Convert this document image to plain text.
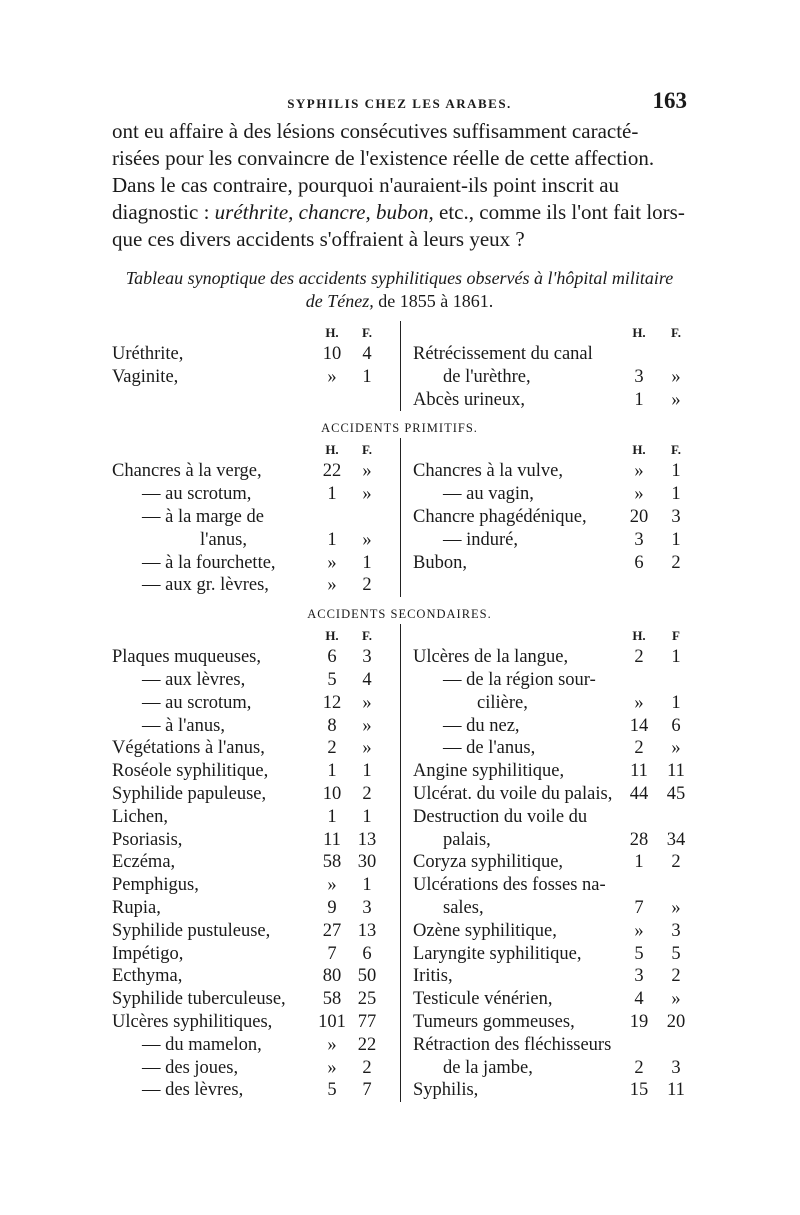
SYPHILIS CHEZ LES ARABES.	163

ont eu affaire à des lésions consécutives suffisamment caracté-

risées pour les convaincre de l'existence réelle de cette affection.

Dans le cas contraire, pourquoi n'auraient-ils point inscrit au

diagnostic : uréthrite, chancre, bubon, etc., comme ils l'ont fait lors-

que ces divers accidents s'offraient à leurs yeux ?

Tableau synoptique des accidents syphilitiques observés à l'hôpital militaire
de Ténez, de 1855 à 1861.
H.	F.
Uréthrite,	10	4
Vaginite,	»	1
H.	F.
Rétrécissement du canal
de l'urèthre,	3	»
Abcès urineux,	1	»
ACCIDENTS PRIMITIFS.
H.	F.
Chancres à la verge,	22	»
— au scrotum,	1	»
— à la marge de
l'anus,	1	»
— à la fourchette,	»	1
— aux gr. lèvres,	»	2
H.	F.
Chancres à la vulve,	»	1
— au vagin,	»	1
Chancre phagédénique,	20	3
— induré,	3	1
Bubon,	6	2
ACCIDENTS SECONDAIRES.
H.	F.
Plaques muqueuses,	6	3
— aux lèvres,	5	4
— au scrotum,	12	»
— à l'anus,	8	»
Végétations à l'anus,	2	»
Roséole syphilitique,	1	1
Syphilide papuleuse,	10	2
Lichen,	1	1
Psoriasis,	11 13
Eczéma,	58 30
Pemphigus,	»	1
Rupia,	9	3
Syphilide pustuleuse,	27 13
Impétigo,	7	6
Ecthyma,	80 50
Syphilide tuberculeuse,	58 25
Ulcères syphilitiques,	101 77
— du mamelon,	»	22
— des joues,	»	2
— des lèvres,	5	7
H.	F
Ulcères de la langue,	2	1
— de la région sour-
cilière,	»	1
— du nez,	14	6
— de l'anus,	2	»
Angine syphilitique,	11	11
Ulcérat. du voile du palais, 44	45
Destruction du voile du
palais,	28	34
Coryza syphilitique,	1	2
Ulcérations des fosses na-
sales,	7	»
Ozène syphilitique,	»	3
Laryngite syphilitique,	5	5
Iritis,	3	2
Testicule vénérien,	4	»
Tumeurs gommeuses,	19	20
Rétraction des fléchisseurs
de la jambe,	2	3
Syphilis,	15	11
